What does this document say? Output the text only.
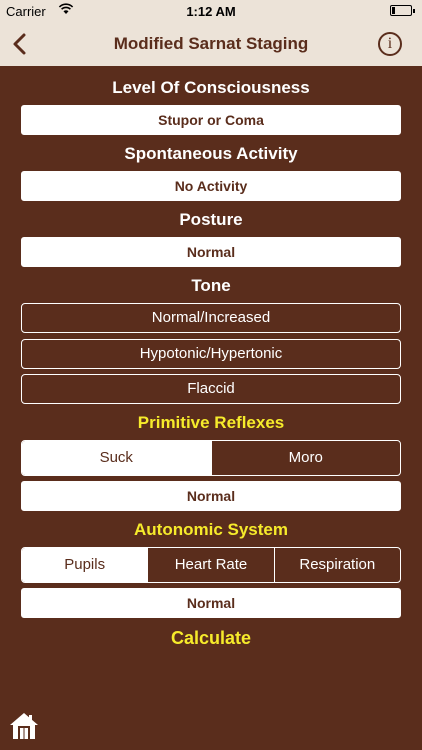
Carrier	1:12 AM
Modified Sarnat Staging	i
Level Of Consciousness
Stupor or Coma
Spontaneous Activity
No Activity
Posture
Normal
Tone
Normal/Increased
Hypotonic/Hypertonic
Flaccid
Primitive Reflexes
Suck	Moro
Normal
Autonomic System
Pupils	Heart Rate	Respiration
Normal
Calculate
